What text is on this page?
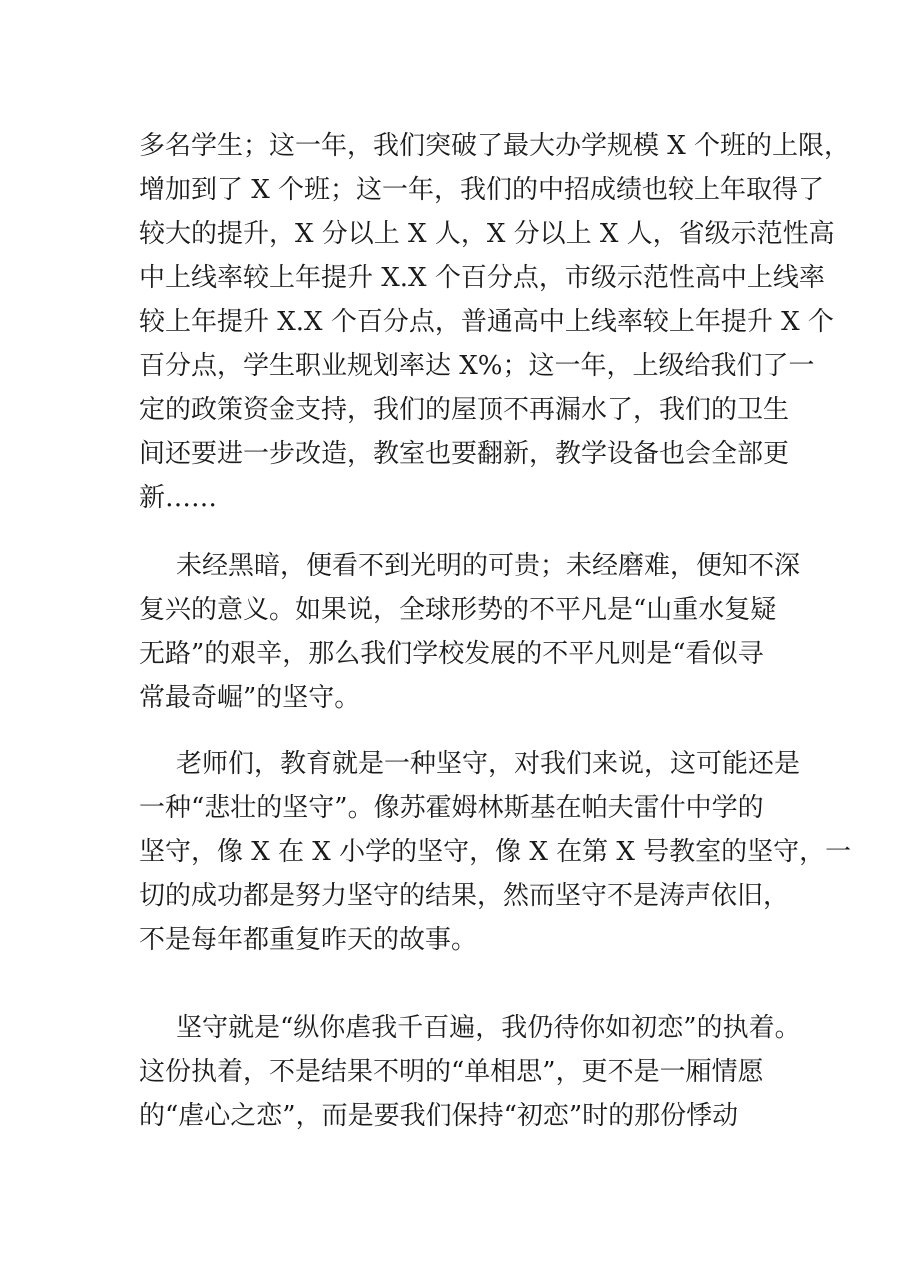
多名学生；这一年，我们突破了最大办学规模 X 个班的上限，
增加到了 X 个班；这一年，我们的中招成绩也较上年取得了
较大的提升，X 分以上 X 人，X 分以上 X 人，省级示范性高
中上线率较上年提升 X.X 个百分点，市级示范性高中上线率
较上年提升 X.X 个百分点，普通高中上线率较上年提升 X 个
百分点，学生职业规划率达 X%；这一年，上级给我们了一
定的政策资金支持，我们的屋顶不再漏水了，我们的卫生
间还要进一步改造，教室也要翻新，教学设备也会全部更
新……
未经黑暗，便看不到光明的可贵；未经磨难，便知不深
复兴的意义。如果说，全球形势的不平凡是“山重水复疑
无路”的艰辛，那么我们学校发展的不平凡则是“看似寻
常最奇崛”的坚守。
老师们，教育就是一种坚守，对我们来说，这可能还是
一种“悲壮的坚守”。像苏霍姆林斯基在帕夫雷什中学的
坚守，像 X 在 X 小学的坚守，像 X 在第 X 号教室的坚守，一
切的成功都是努力坚守的结果，然而坚守不是涛声依旧，
不是每年都重复昨天的故事。
坚守就是“纵你虐我千百遍，我仍待你如初恋”的执着。
这份执着，不是结果不明的“单相思”，更不是一厢情愿
的“虐心之恋”，而是要我们保持“初恋”时的那份悸动
